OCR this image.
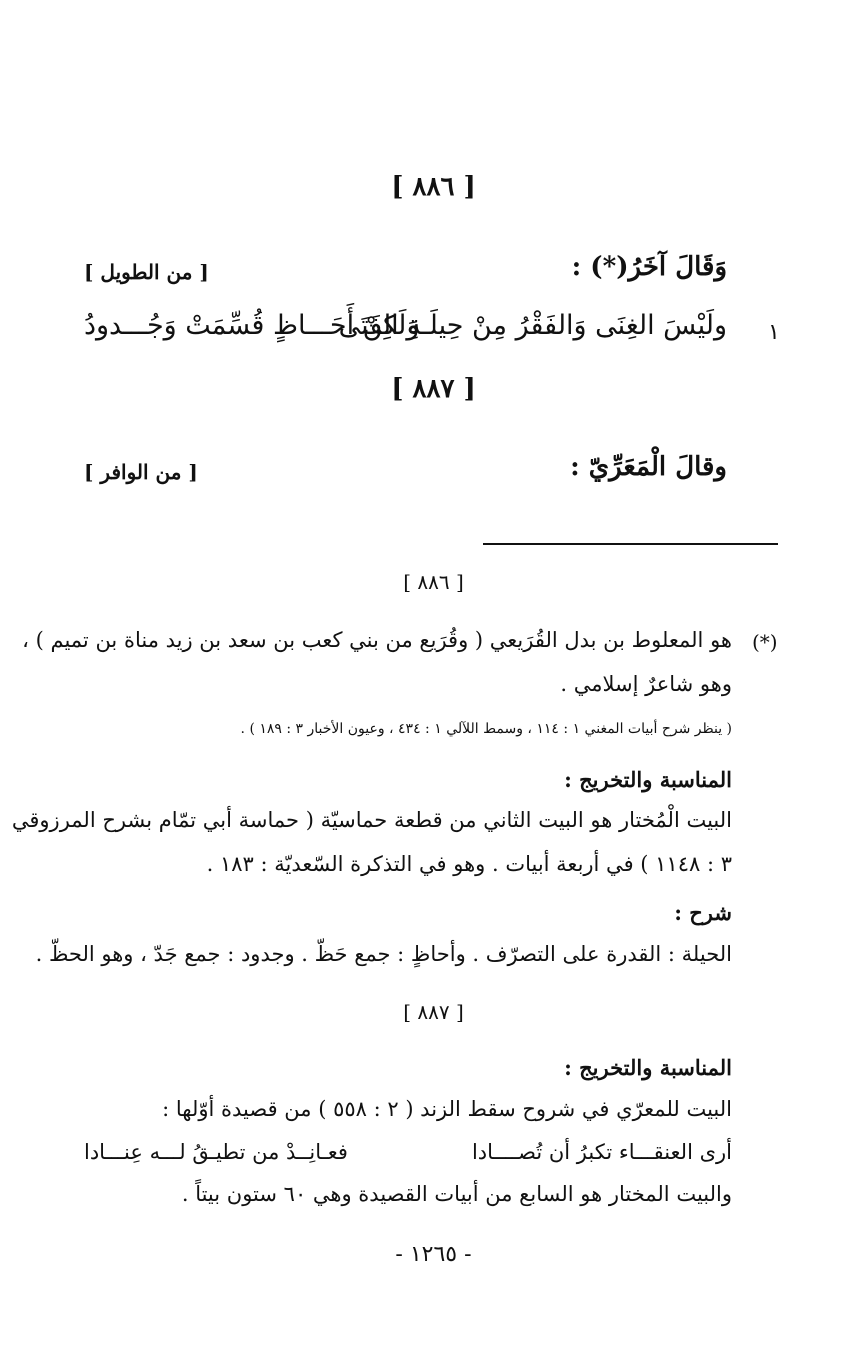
[ ٨٨٦ ]
وَقَالَ آخَرُ(*) :
[ من الطويل ]
١
ولَيْسَ الغِنَى وَالفَقْرُ مِنْ حِيلَـةِ الفَتَى
وَلَكِنْ أَحَـــاظٍ قُسِّمَتْ وَجُـــدودُ
[ ٨٨٧ ]
وقالَ الْمَعَرِّيّ :
[ من الوافر ]
[ ٨٨٦ ]
(*)
هو المعلوط بن بدل القُرَيعي ( وقُرَيع من بني كعب بن سعد بن زيد مناة بن تميم ) ،
وهو شاعرٌ إسلامي .
( ينظر شرح أبيات المغني ١ : ١١٤ ، وسمط اللآلي ١ : ٤٣٤ ، وعيون الأخبار ٣ : ١٨٩ ) .
المناسبة والتخريج :
البيت الْمُختار هو البيت الثاني من قطعة حماسيّة ( حماسة أبي تمّام بشرح المرزوقي
٣ : ١١٤٨ ) في أربعة أبيات . وهو في التذكرة السّعديّة : ١٨٣ .
شرح :
الحيلة : القدرة على التصرّف . وأحاظٍ : جمع حَظّ . وجدود : جمع جَدّ ، وهو الحظّ .
[ ٨٨٧ ]
المناسبة والتخريج :
البيت للمعرّي في شروح سقط الزند ( ٢ : ٥٥٨ ) من قصيدة أوّلها :
أرى العنقـــاء تكبرُ أن تُصــــادا
فعـانِــدْ من تطيـقُ لـــه عِنـــادا
والبيت المختار هو السابع من أبيات القصيدة وهي ٦٠ ستون بيتاً .
- ١٢٦٥ -
